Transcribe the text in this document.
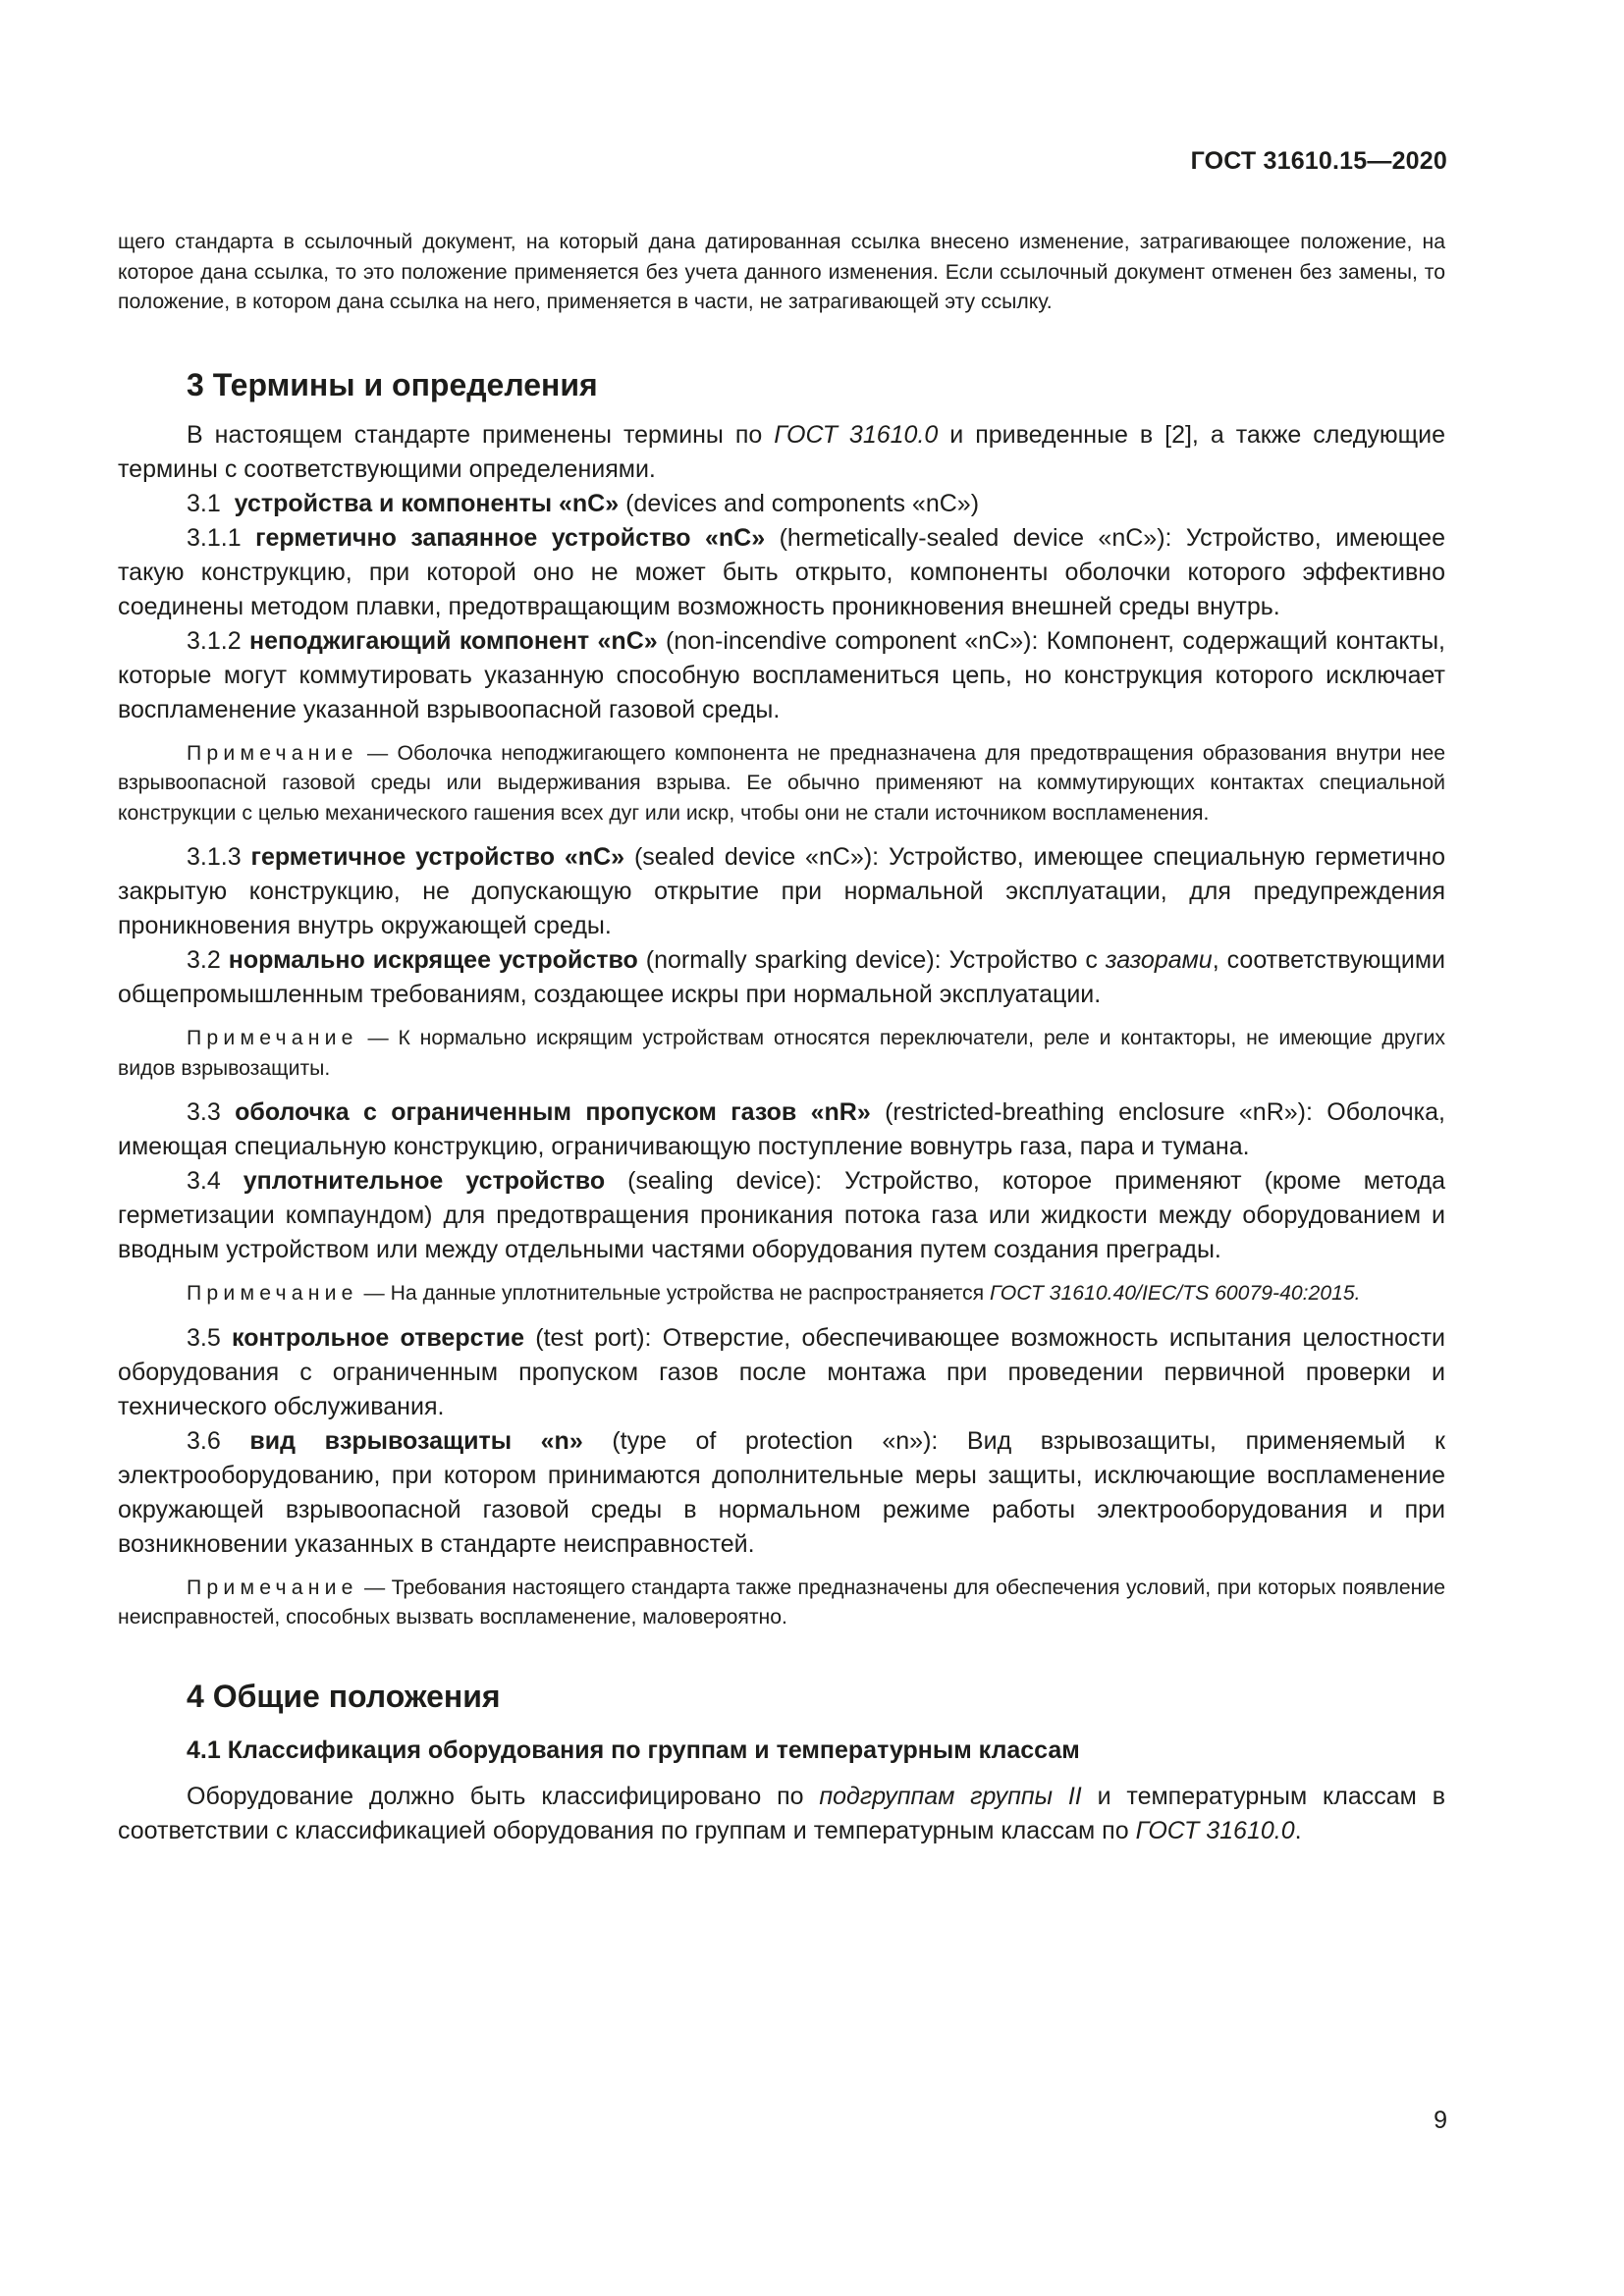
ГОСТ 31610.15—2020

щего стандарта в ссылочный документ, на который дана датированная ссылка внесено изменение, затрагивающее положение, на которое дана ссылка, то это положение применяется без учета данного изменения. Если ссылочный документ отменен без замены, то положение, в котором дана ссылка на него, применяется в части, не затрагивающей эту ссылку.

3 Термины и определения

В настоящем стандарте применены термины по ГОСТ 31610.0 и приведенные в [2], а также следующие термины с соответствующими определениями.

3.1 устройства и компоненты «nC» (devices and components «nC»)

3.1.1 герметично запаянное устройство «nC» (hermetically-sealed device «nC»): Устройство, имеющее такую конструкцию, при которой оно не может быть открыто, компоненты оболочки которого эффективно соединены методом плавки, предотвращающим возможность проникновения внешней среды внутрь.

3.1.2 неподжигающий компонент «nC» (non-incendive component «nC»): Компонент, содержащий контакты, которые могут коммутировать указанную способную воспламениться цепь, но конструкция которого исключает воспламенение указанной взрывоопасной газовой среды.

Примечание — Оболочка неподжигающего компонента не предназначена для предотвращения образования внутри нее взрывоопасной газовой среды или выдерживания взрыва. Ее обычно применяют на коммутирующих контактах специальной конструкции с целью механического гашения всех дуг или искр, чтобы они не стали источником воспламенения.

3.1.3 герметичное устройство «nC» (sealed device «nC»): Устройство, имеющее специальную герметично закрытую конструкцию, не допускающую открытие при нормальной эксплуатации, для предупреждения проникновения внутрь окружающей среды.

3.2 нормально искрящее устройство (normally sparking device): Устройство с зазорами, соответствующими общепромышленным требованиям, создающее искры при нормальной эксплуатации.

Примечание — К нормально искрящим устройствам относятся переключатели, реле и контакторы, не имеющие других видов взрывозащиты.

3.3 оболочка с ограниченным пропуском газов «nR» (restricted-breathing enclosure «nR»): Оболочка, имеющая специальную конструкцию, ограничивающую поступление вовнутрь газа, пара и тумана.

3.4 уплотнительное устройство (sealing device): Устройство, которое применяют (кроме метода герметизации компаундом) для предотвращения проникания потока газа или жидкости между оборудованием и вводным устройством или между отдельными частями оборудования путем создания преграды.

Примечание — На данные уплотнительные устройства не распространяется ГОСТ 31610.40/IEC/TS 60079-40:2015.

3.5 контрольное отверстие (test port): Отверстие, обеспечивающее возможность испытания целостности оборудования с ограниченным пропуском газов после монтажа при проведении первичной проверки и технического обслуживания.

3.6 вид взрывозащиты «n» (type of protection «n»): Вид взрывозащиты, применяемый к электрооборудованию, при котором принимаются дополнительные меры защиты, исключающие воспламенение окружающей взрывоопасной газовой среды в нормальном режиме работы электрооборудования и при возникновении указанных в стандарте неисправностей.

Примечание — Требования настоящего стандарта также предназначены для обеспечения условий, при которых появление неисправностей, способных вызвать воспламенение, маловероятно.

4 Общие положения
4.1 Классификация оборудования по группам и температурным классам

Оборудование должно быть классифицировано по подгруппам группы II и температурным классам в соответствии с классификацией оборудования по группам и температурным классам по ГОСТ 31610.0.

9
